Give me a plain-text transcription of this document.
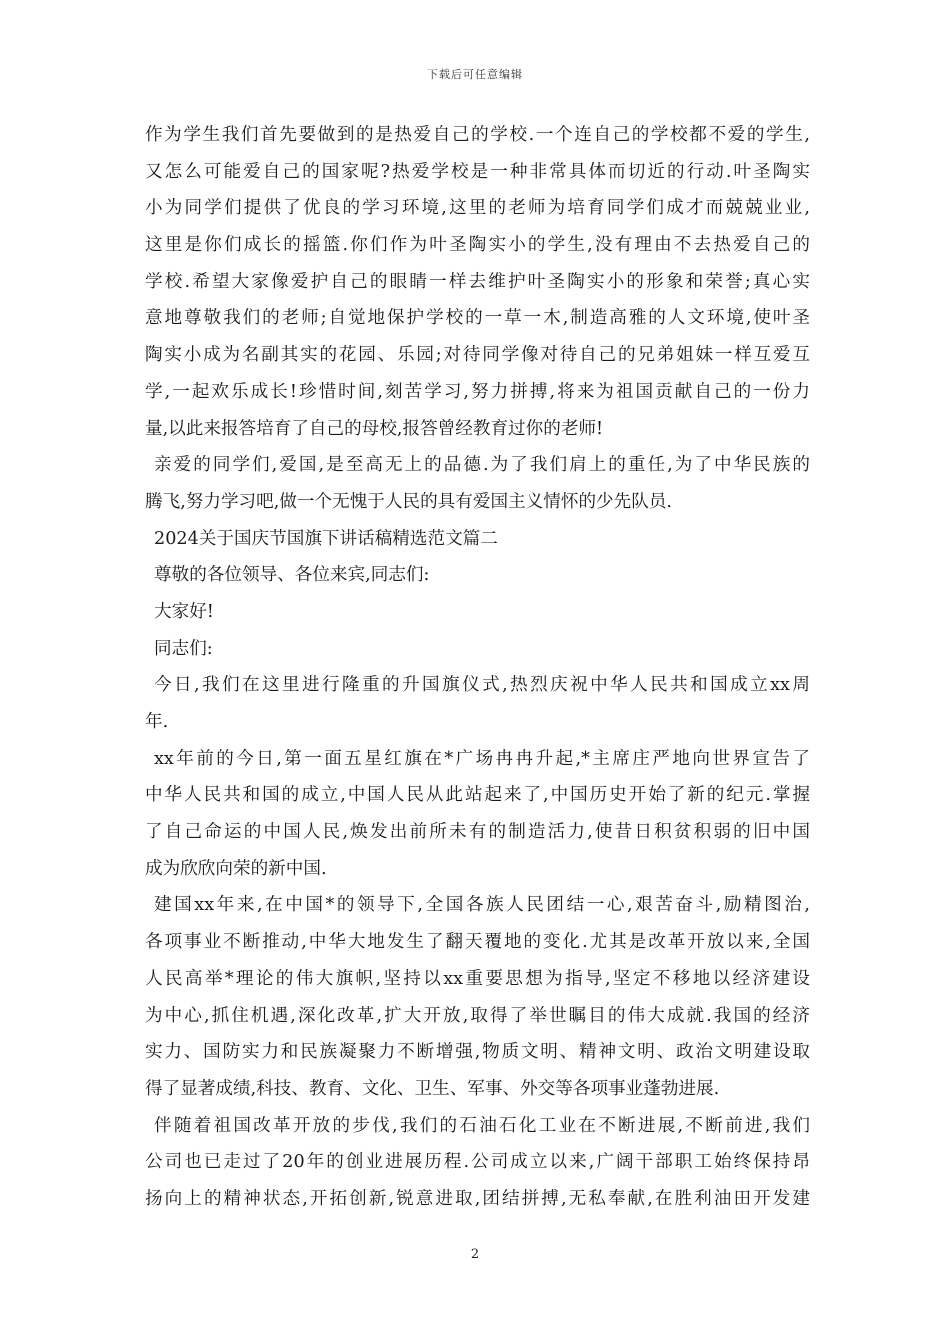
下载后可任意编辑
作为学生我们首先要做到的是热爱自己的学校.一个连自己的学校都不爱的学生,
又怎么可能爱自己的国家呢?热爱学校是一种非常具体而切近的行动.叶圣陶实
小为同学们提供了优良的学习环境,这里的老师为培育同学们成才而兢兢业业,
这里是你们成长的摇篮.你们作为叶圣陶实小的学生,没有理由不去热爱自己的
学校.希望大家像爱护自己的眼睛一样去维护叶圣陶实小的形象和荣誉;真心实
意地尊敬我们的老师;自觉地保护学校的一草一木,制造高雅的人文环境,使叶圣
陶实小成为名副其实的花园、乐园;对待同学像对待自己的兄弟姐妹一样互爱互
学,一起欢乐成长!珍惜时间,刻苦学习,努力拼搏,将来为祖国贡献自己的一份力
量,以此来报答培育了自己的母校,报答曾经教育过你的老师!
亲爱的同学们,爱国,是至高无上的品德.为了我们肩上的重任,为了中华民族的
腾飞,努力学习吧,做一个无愧于人民的具有爱国主义情怀的少先队员.
2024关于国庆节国旗下讲话稿精选范文篇二
尊敬的各位领导、各位来宾,同志们:
大家好!
同志们:
今日,我们在这里进行隆重的升国旗仪式,热烈庆祝中华人民共和国成立xx周
年.
xx年前的今日,第一面五星红旗在*广场冉冉升起,*主席庄严地向世界宣告了
中华人民共和国的成立,中国人民从此站起来了,中国历史开始了新的纪元.掌握
了自己命运的中国人民,焕发出前所未有的制造活力,使昔日积贫积弱的旧中国
成为欣欣向荣的新中国.
建国xx年来,在中国*的领导下,全国各族人民团结一心,艰苦奋斗,励精图治,
各项事业不断推动,中华大地发生了翻天覆地的变化.尤其是改革开放以来,全国
人民高举*理论的伟大旗帜,坚持以xx重要思想为指导,坚定不移地以经济建设
为中心,抓住机遇,深化改革,扩大开放,取得了举世瞩目的伟大成就.我国的经济
实力、国防实力和民族凝聚力不断增强,物质文明、精神文明、政治文明建设取
得了显著成绩,科技、教育、文化、卫生、军事、外交等各项事业蓬勃进展.
伴随着祖国改革开放的步伐,我们的石油石化工业在不断进展,不断前进,我们
公司也已走过了20年的创业进展历程.公司成立以来,广阔干部职工始终保持昂
扬向上的精神状态,开拓创新,锐意进取,团结拼搏,无私奉献,在胜利油田开发建
2
